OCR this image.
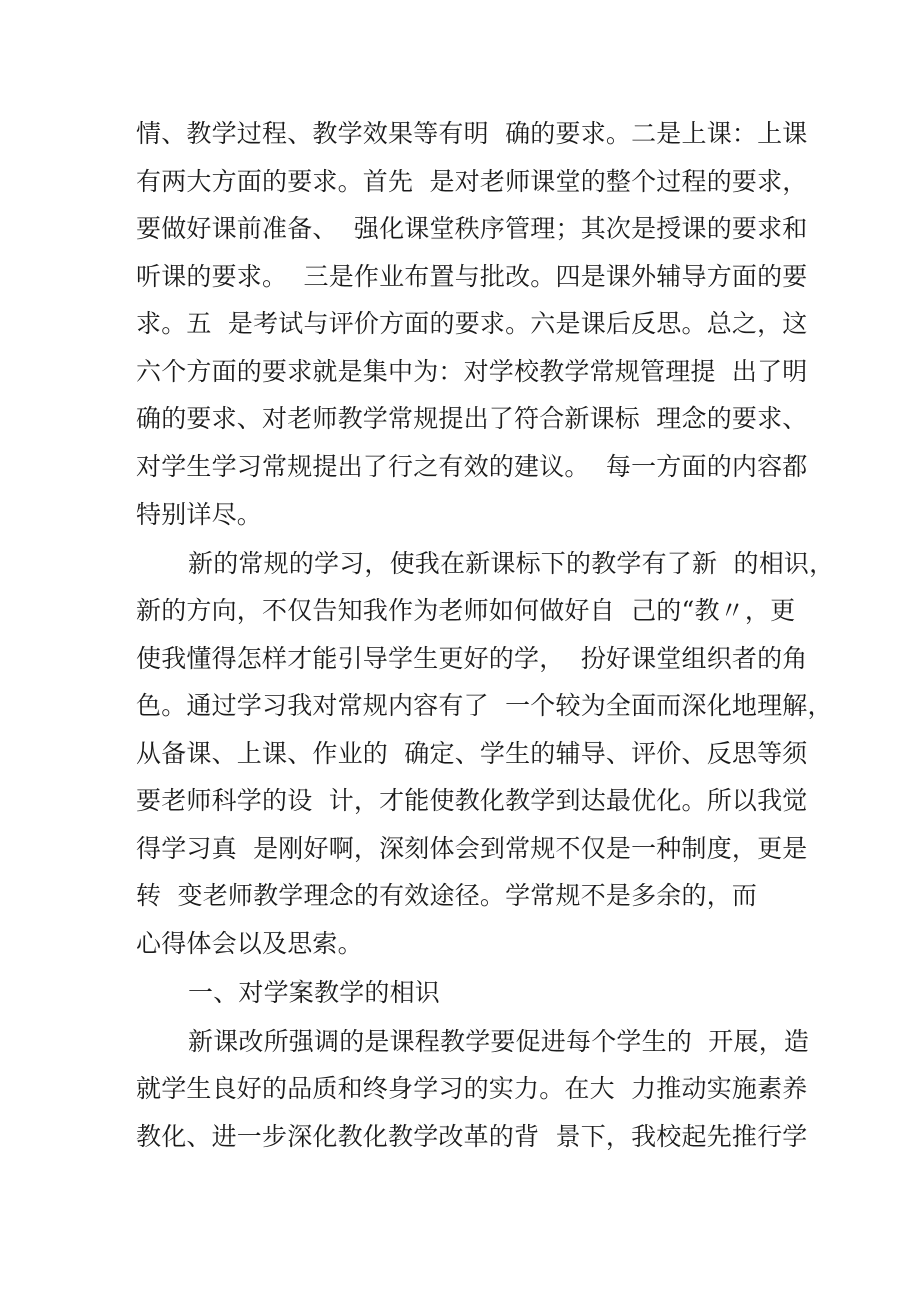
情、教学过程、教学效果等有明  确的要求。二是上课：上课
有两大方面的要求。首先  是对老师课堂的整个过程的要求，
要做好课前准备、  强化课堂秩序管理；其次是授课的要求和
听课的要求。  三是作业布置与批改。四是课外辅导方面的要
求。五  是考试与评价方面的要求。六是课后反思。总之，这
六个方面的要求就是集中为：对学校教学常规管理提  出了明
确的要求、对老师教学常规提出了符合新课标  理念的要求、
对学生学习常规提出了行之有效的建议。  每一方面的内容都
特别详尽。
新的常规的学习，使我在新课标下的教学有了新  的相识，
新的方向，不仅告知我作为老师如何做好自  己的“教〃，更
使我懂得怎样才能引导学生更好的学，  扮好课堂组织者的角
色。通过学习我对常规内容有了  一个较为全面而深化地理解，
从备课、上课、作业的  确定、学生的辅导、评价、反思等须
要老师科学的设  计，才能使教化教学到达最优化。所以我觉
得学习真  是刚好啊，深刻体会到常规不仅是一种制度，更是
转  变老师教学理念的有效途径。学常规不是多余的，而
心得体会以及思索。
一、对学案教学的相识
新课改所强调的是课程教学要促进每个学生的  开展，造
就学生良好的品质和终身学习的实力。在大  力推动实施素养
教化、进一步深化教化教学改革的背  景下，我校起先推行学
